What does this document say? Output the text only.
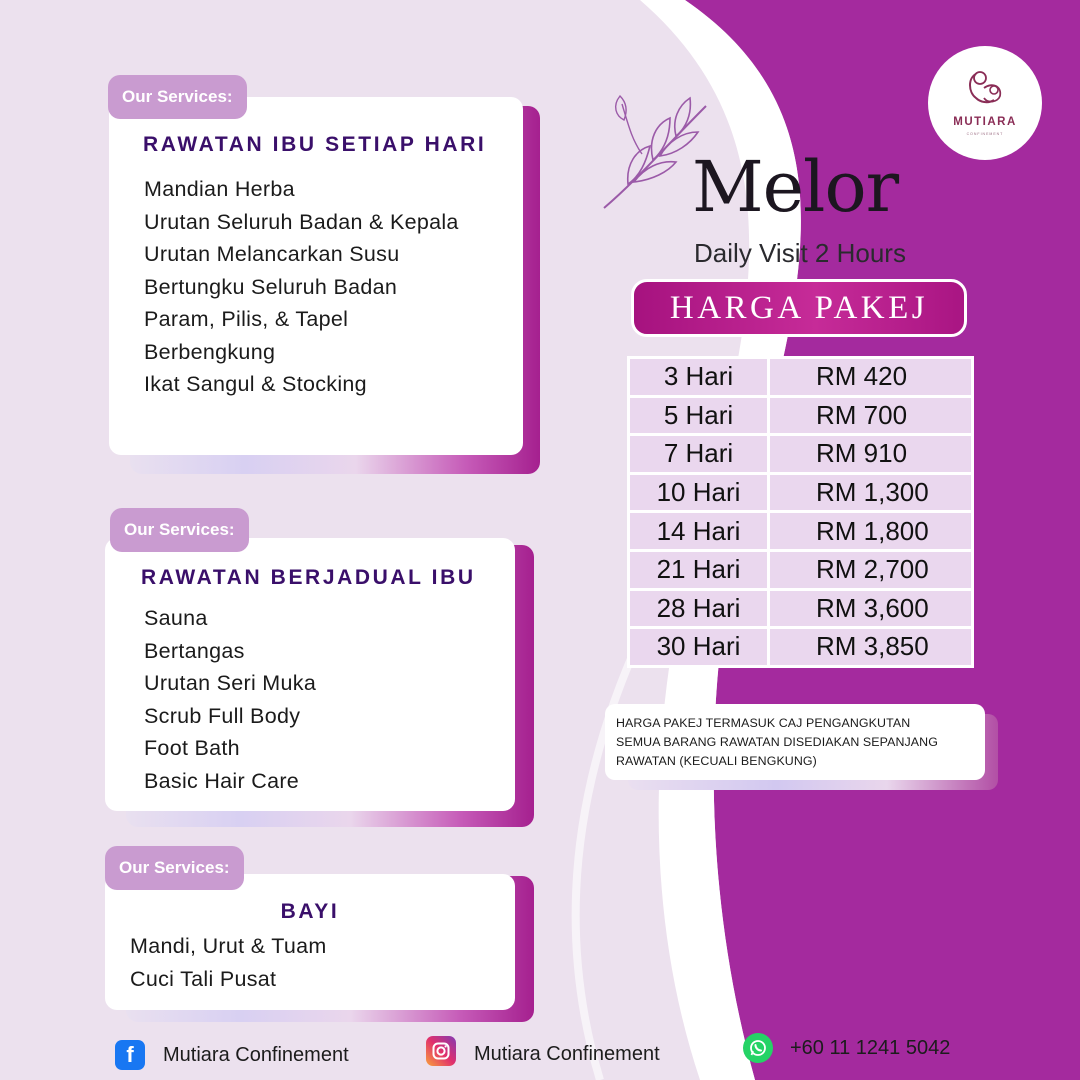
MUTIARA
CONFINEMENT
Melor
Daily Visit 2 Hours
HARGA PAKEJ
3 Hari	RM 420
5 Hari	RM 700
7 Hari	RM 910
10 Hari	RM 1,300
14 Hari	RM 1,800
21 Hari	RM 2,700
28 Hari	RM 3,600
30 Hari	RM 3,850
HARGA PAKEJ TERMASUK CAJ PENGANGKUTAN
SEMUA BARANG RAWATAN DISEDIAKAN SEPANJANG
RAWATAN (KECUALI BENGKUNG)
Our Services:
RAWATAN IBU SETIAP HARI
Mandian Herba
Urutan Seluruh Badan & Kepala
Urutan Melancarkan Susu
Bertungku Seluruh Badan
Param, Pilis, & Tapel
Berbengkung
Ikat Sangul & Stocking
Our Services:
RAWATAN BERJADUAL IBU
Sauna
Bertangas
Urutan Seri Muka
Scrub Full Body
Foot Bath
Basic Hair Care
Our Services:
BAYI
Mandi, Urut & Tuam
Cuci Tali Pusat
f	Mutiara Confinement	Mutiara Confinement	+60 11 1241 5042
